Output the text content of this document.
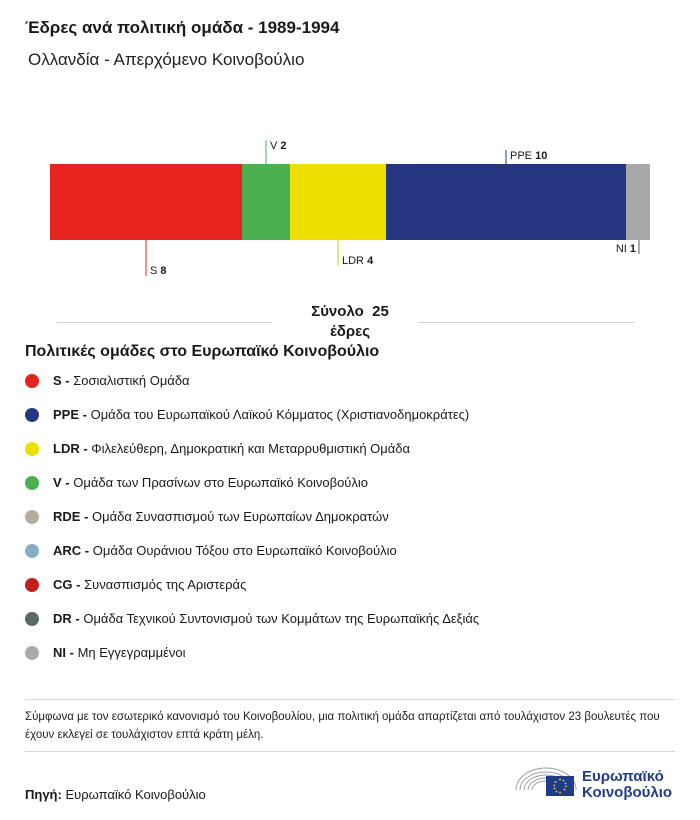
Έδρες ανά πολιτική ομάδα - 1989-1994
Ολλανδία - Απερχόμενο Κοινοβούλιο
S 8
V 2
LDR 4
PPE 10
NI 1
Σύνολο 25
έδρες
Πολιτικές ομάδες στο Ευρωπαϊκό Κοινοβούλιο
S - Σοσιαλιστική Ομάδα
PPE - Ομάδα του Ευρωπαϊκού Λαϊκού Κόμματος (Χριστιανοδημοκράτες)
LDR - Φιλελεύθερη, Δημοκρατική και Μεταρρυθμιστική Ομάδα
V - Ομάδα των Πρασίνων στο Ευρωπαϊκό Κοινοβούλιο
RDE - Ομάδα Συνασπισμού των Ευρωπαίων Δημοκρατών
ARC - Ομάδα Ουράνιου Τόξου στο Ευρωπαϊκό Κοινοβούλιο
CG - Συνασπισμός της Αριστεράς
DR - Ομάδα Τεχνικού Συντονισμού των Κομμάτων της Ευρωπαϊκής Δεξιάς
NI - Μη Εγγεγραμμένοι
Σύμφωνα με τον εσωτερικό κανονισμό του Κοινοβουλίου, μια πολιτική ομάδα απαρτίζεται από τουλάχιστον 23 βουλευτές που έχουν εκλεγεί σε τουλάχιστον επτά κράτη μέλη.
Πηγή: Ευρωπαϊκό Κοινοβούλιο
Ευρωπαϊκό
Κοινοβούλιο
